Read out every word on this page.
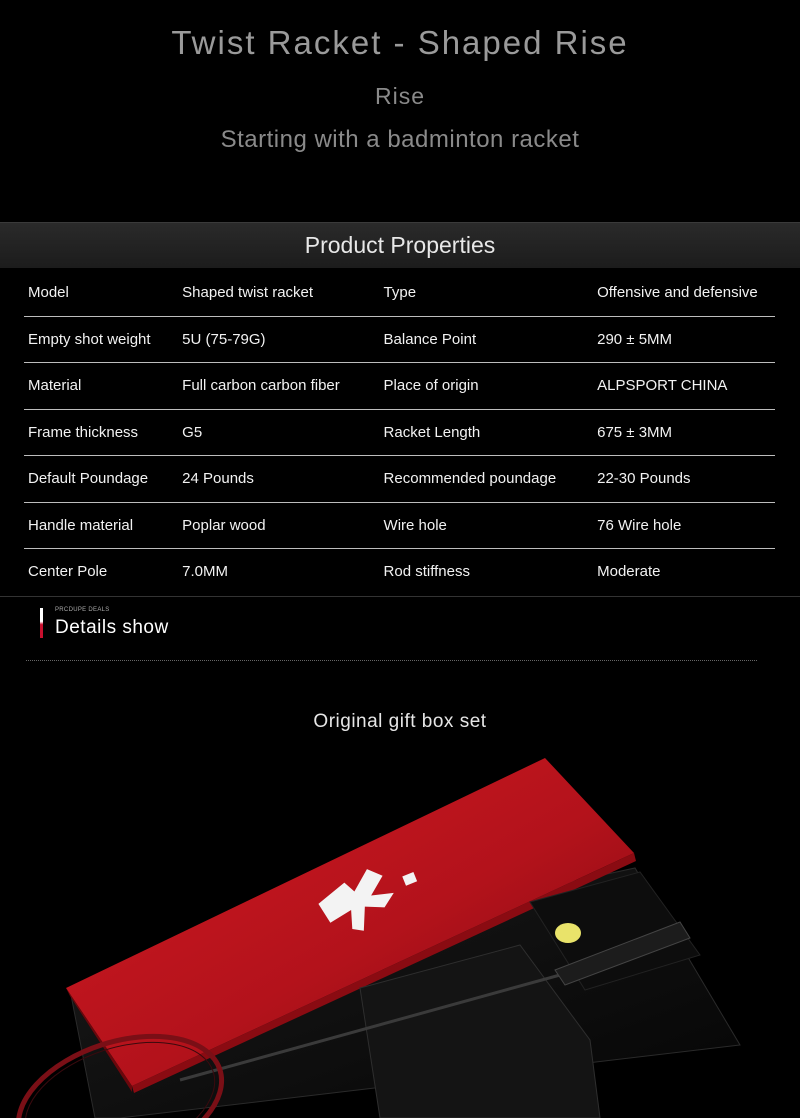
Twist Racket - Shaped Rise
Rise
Starting with a badminton racket
Product Properties
Model	Shaped twist racket	Type	Offensive and defensive
Empty shot weight	5U (75-79G)	Balance Point	290 ± 5MM
Material	Full carbon carbon fiber	Place of origin	ALPSPORT CHINA
Frame thickness	G5	Racket Length	675 ± 3MM
Default Poundage	24 Pounds	Recommended poundage	22-30 Pounds
Handle material	Poplar wood	Wire hole	76 Wire hole
Center Pole	7.0MM	Rod stiffness	Moderate
PRCDUPE DEALS
Details show
Original gift box set
